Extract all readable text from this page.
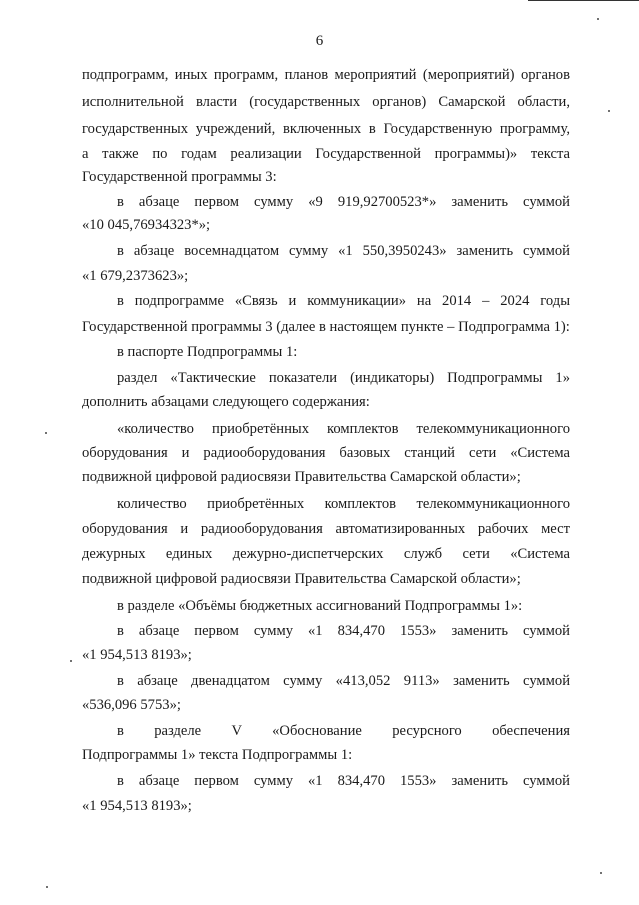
6
подпрограмм, иных программ, планов мероприятий (мероприятий) органов
исполнительной власти (государственных органов) Самарской области,
государственных учреждений, включенных в Государственную программу,
а также по годам реализации Государственной программы)» текста
Государственной программы 3:
в абзаце первом сумму «9 919,92700523*» заменить суммой
«10 045,76934323*»;
в абзаце восемнадцатом сумму «1 550,3950243» заменить суммой
«1 679,2373623»;
в подпрограмме «Связь и коммуникации» на 2014 – 2024 годы
Государственной программы 3 (далее в настоящем пункте – Подпрограмма 1):
в паспорте Подпрограммы 1:
раздел «Тактические показатели (индикаторы) Подпрограммы 1»
дополнить абзацами следующего содержания:
«количество приобретённых комплектов телекоммуникационного
оборудования и радиооборудования базовых станций сети «Система
подвижной цифровой радиосвязи Правительства Самарской области»;
количество приобретённых комплектов телекоммуникационного
оборудования и радиооборудования автоматизированных рабочих мест
дежурных единых дежурно-диспетчерских служб сети «Система
подвижной цифровой радиосвязи Правительства Самарской области»;
в разделе «Объёмы бюджетных ассигнований Подпрограммы 1»:
в абзаце первом сумму «1 834,470 1553» заменить суммой
«1 954,513 8193»;
в абзаце двенадцатом сумму «413,052 9113» заменить суммой
«536,096 5753»;
в разделе V «Обоснование ресурсного обеспечения
Подпрограммы 1» текста Подпрограммы 1:
в абзаце первом сумму «1 834,470 1553» заменить суммой
«1 954,513 8193»;
